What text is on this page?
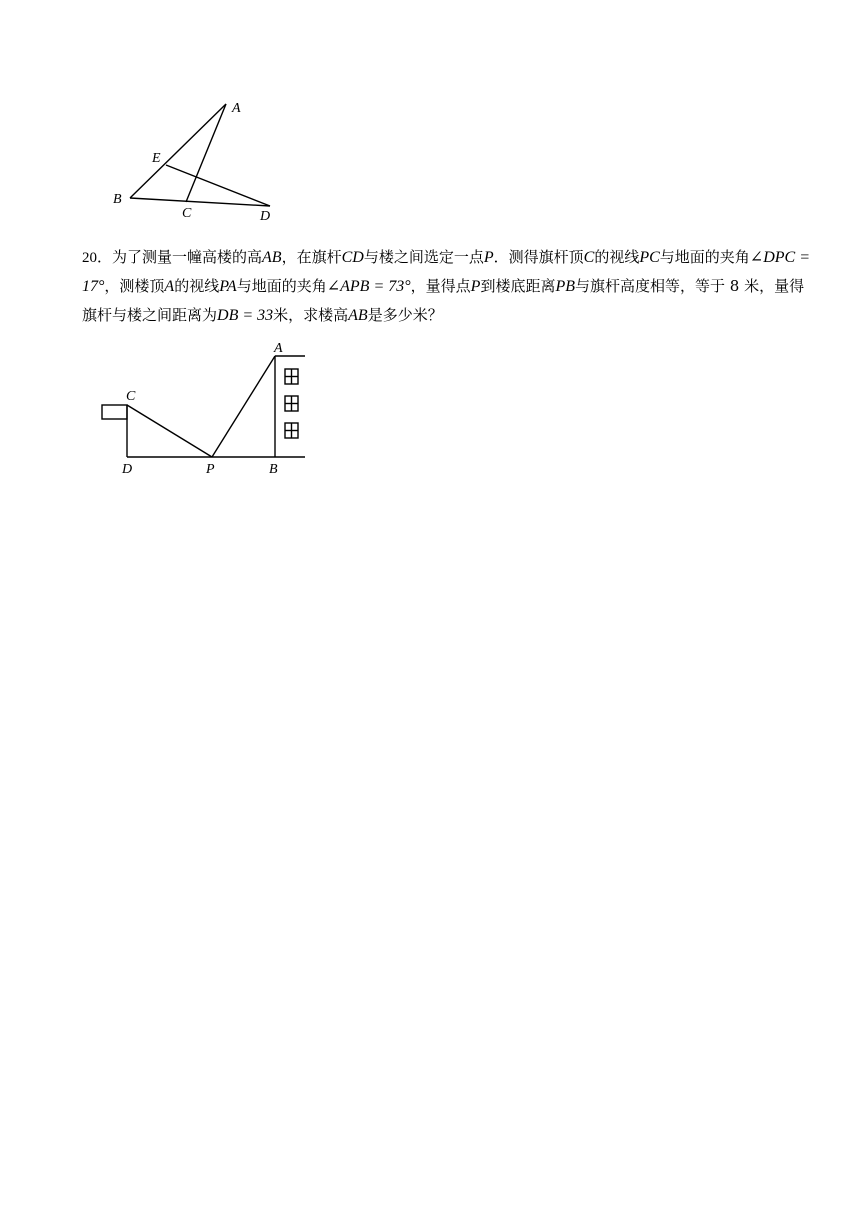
A
E
B
C	D

20．为了测量一幢高楼的高AB，在旗杆CD与楼之间选定一点P．测得旗杆顶C的视线PC与地面的夹角∠DPC = 17°，测楼顶A的视线PA与地面的夹角∠APB = 73°，量得点P到楼底距离PB与旗杆高度相等，等于 8 米，量得旗杆与楼之间距离为DB = 33米，求楼高AB是多少米？

A
C
D	P	B
